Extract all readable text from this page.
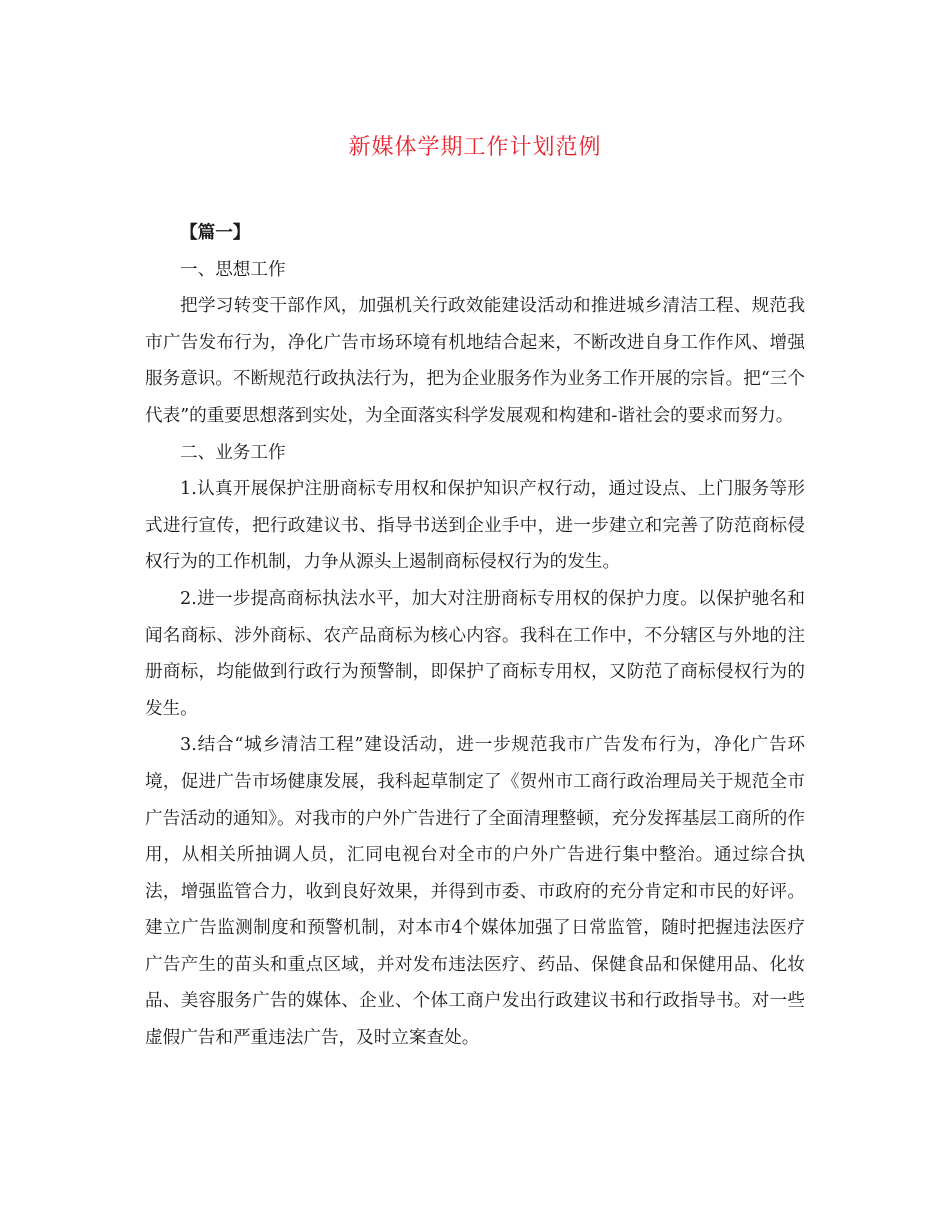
新媒体学期工作计划范例

【篇一】

一、思想工作

把学习转变干部作风，加强机关行政效能建设活动和推进城乡清洁工程、规范我市广告发布行为，净化广告市场环境有机地结合起来，不断改进自身工作作风、增强服务意识。不断规范行政执法行为，把为企业服务作为业务工作开展的宗旨。把“三个代表”的重要思想落到实处，为全面落实科学发展观和构建和-谐社会的要求而努力。

二、业务工作

1.认真开展保护注册商标专用权和保护知识产权行动，通过设点、上门服务等形式进行宣传，把行政建议书、指导书送到企业手中，进一步建立和完善了防范商标侵权行为的工作机制，力争从源头上遏制商标侵权行为的发生。

2.进一步提高商标执法水平，加大对注册商标专用权的保护力度。以保护驰名和闻名商标、涉外商标、农产品商标为核心内容。我科在工作中，不分辖区与外地的注册商标，均能做到行政行为预警制，即保护了商标专用权，又防范了商标侵权行为的发生。

3.结合“城乡清洁工程”建设活动，进一步规范我市广告发布行为，净化广告环境，促进广告市场健康发展，我科起草制定了《贺州市工商行政治理局关于规范全市广告活动的通知》。对我市的户外广告进行了全面清理整顿，充分发挥基层工商所的作用，从相关所抽调人员，汇同电视台对全市的户外广告进行集中整治。通过综合执法，增强监管合力，收到良好效果，并得到市委、市政府的充分肯定和市民的好评。建立广告监测制度和预警机制，对本市4个媒体加强了日常监管，随时把握违法医疗广告产生的苗头和重点区域，并对发布违法医疗、药品、保健食品和保健用品、化妆品、美容服务广告的媒体、企业、个体工商户发出行政建议书和行政指导书。对一些虚假广告和严重违法广告，及时立案查处。
